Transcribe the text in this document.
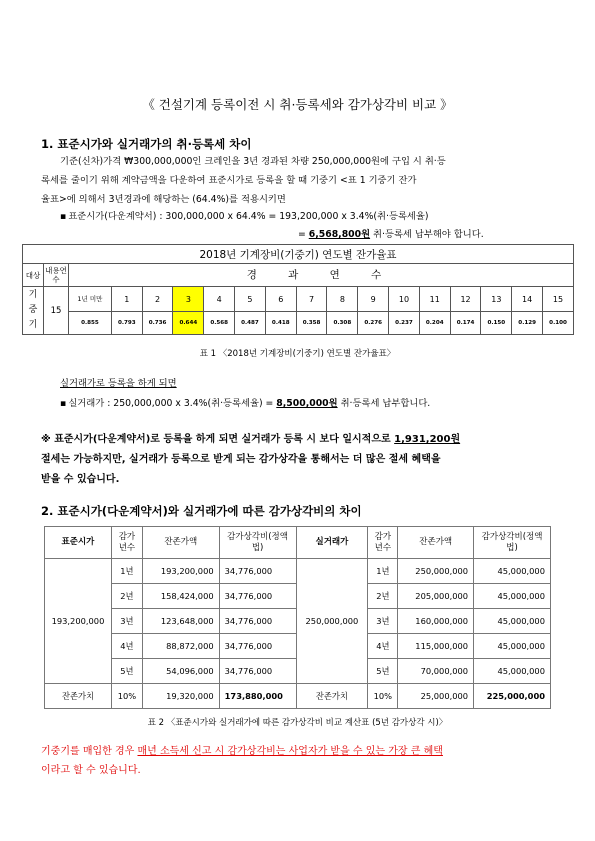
《 건설기계 등록이전 시 취·등록세와 감가상각비 비교 》
1. 표준시가와 실거래가의 취·등록세 차이
기준(신차)가격 ₩300,000,000인 크레인을 3년 경과된 차량 250,000,000원에 구입 시 취·등
록세를 줄이기 위해 계약금액을 다운하여 표준시가로 등록을 할 때 기중기 <표 1 기중기 잔가
율표>에 의해서 3년경과에 해당하는 (64.4%)를 적용시키면
▪ 표준시가(다운계약서) : 300,000,000 x 64.4% = 193,200,000 x 3.4%(취·등록세율)
= 6,568,800원 취·등록세 납부해야 합니다.
2018년 기계장비(기중기) 연도별 잔가율표																	
대상	내용연수	경 과 연 수															
기중기	15	1년 미만	1	2	3	4	5	6	7	8	9	10	11	12	13	14	15
		0.855	0.793	0.736	0.644	0.568	0.487	0.418	0.358	0.308	0.276	0.237	0.204	0.174	0.150	0.129	0.100
표 1 〈2018년 기계장비(기중기) 연도별 잔가율표〉
실거래가로 등록을 하게 되면
▪ 실거래가 : 250,000,000 x 3.4%(취·등록세율) = 8,500,000원 취·등록세 납부합니다.
※ 표준시가(다운계약서)로 등록을 하게 되면 실거래가 등록 시 보다 일시적으로 1,931,200원
절세는 가능하지만, 실거래가 등록으로 받게 되는 감가상각을 통해서는 더 많은 절세 혜택을
받을 수 있습니다.
2. 표준시가(다운계약서)와 실거래가에 따른 감가상각비의 차이
표준시가	감가년수	잔존가액	감가상각비(정액법)	실거래가	감가년수	잔존가액	감가상각비(정액법)
193,200,000	1년	193,200,000	34,776,000	250,000,000	1년	250,000,000	45,000,000
	2년	158,424,000	34,776,000		2년	205,000,000	45,000,000
	3년	123,648,000	34,776,000		3년	160,000,000	45,000,000
	4년	88,872,000	34,776,000		4년	115,000,000	45,000,000
	5년	54,096,000	34,776,000		5년	70,000,000	45,000,000
잔존가치	10%	19,320,000	173,880,000	잔존가치	10%	25,000,000	225,000,000
표 2 〈표준시가와 실거래가에 따른 감가상각비 비교 계산표 (5년 감가상각 시)〉
기중기를 매입한 경우 매년 소득세 신고 시 감가상각비는 사업자가 받을 수 있는 가장 큰 혜택
이라고 할 수 있습니다.
